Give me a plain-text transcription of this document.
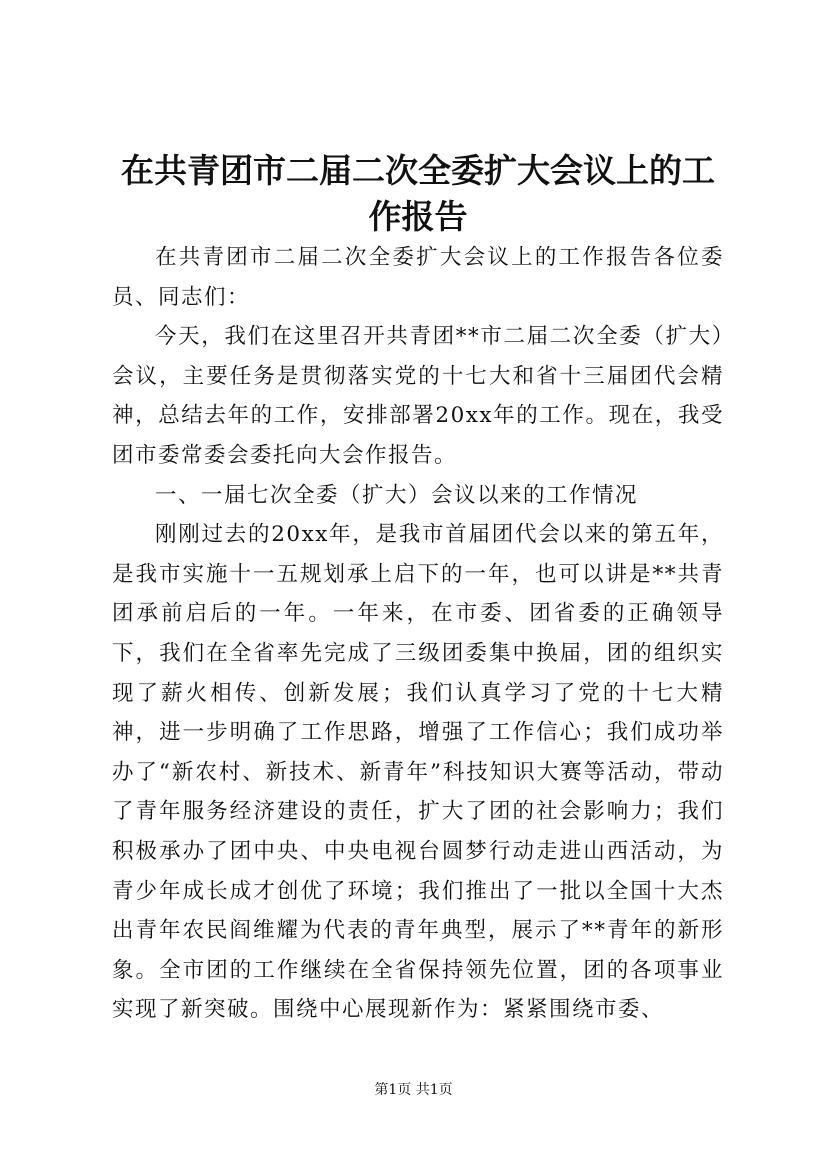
在共青团市二届二次全委扩大会议上的工作报告

在共青团市二届二次全委扩大会议上的工作报告各位委员、同志们：

今天，我们在这里召开共青团**市二届二次全委（扩大）会议，主要任务是贯彻落实党的十七大和省十三届团代会精神，总结去年的工作，安排部署20xx年的工作。现在，我受团市委常委会委托向大会作报告。

一、一届七次全委（扩大）会议以来的工作情况

刚刚过去的20xx年，是我市首届团代会以来的第五年，是我市实施十一五规划承上启下的一年，也可以讲是**共青团承前启后的一年。一年来，在市委、团省委的正确领导下，我们在全省率先完成了三级团委集中换届，团的组织实现了薪火相传、创新发展；我们认真学习了党的十七大精神，进一步明确了工作思路，增强了工作信心；我们成功举办了“新农村、新技术、新青年”科技知识大赛等活动，带动了青年服务经济建设的责任，扩大了团的社会影响力；我们积极承办了团中央、中央电视台圆梦行动走进山西活动，为青少年成长成才创优了环境；我们推出了一批以全国十大杰出青年农民阎维耀为代表的青年典型，展示了**青年的新形象。全市团的工作继续在全省保持领先位置，团的各项事业实现了新突破。围绕中心展现新作为：紧紧围绕市委、

第1页 共1页
